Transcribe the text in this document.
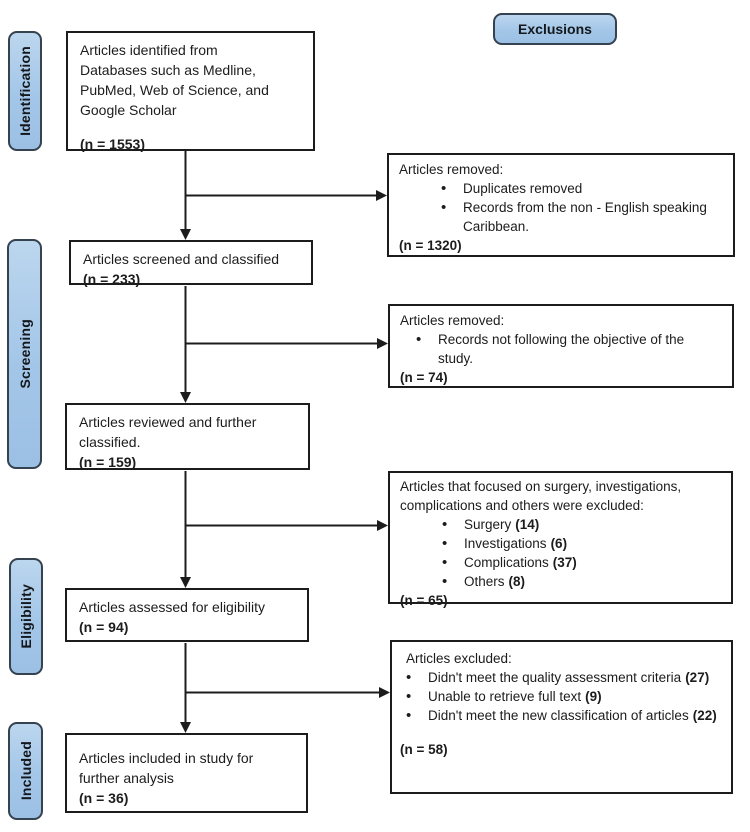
Identification
Screening
Eligibility
Included
Exclusions
Articles identified from
Databases such as Medline,
PubMed, Web of Science, and
Google Scholar
(n = 1553)
Articles screened and classified
(n = 233)
Articles reviewed and further
classified.
(n = 159)
Articles assessed for eligibility
(n = 94)
Articles included in study for
further analysis
(n = 36)
Articles removed:
• Duplicates removed
• Records from the non - English speaking Caribbean.
(n = 1320)
Articles removed:
• Records not following the objective of the study.
(n = 74)
Articles that focused on surgery, investigations, complications and others were excluded:
• Surgery (14)
• Investigations (6)
• Complications (37)
• Others (8)
(n = 65)
Articles excluded:
• Didn't meet the quality assessment criteria (27)
• Unable to retrieve full text (9)
• Didn't meet the new classification of articles (22)
(n = 58)
